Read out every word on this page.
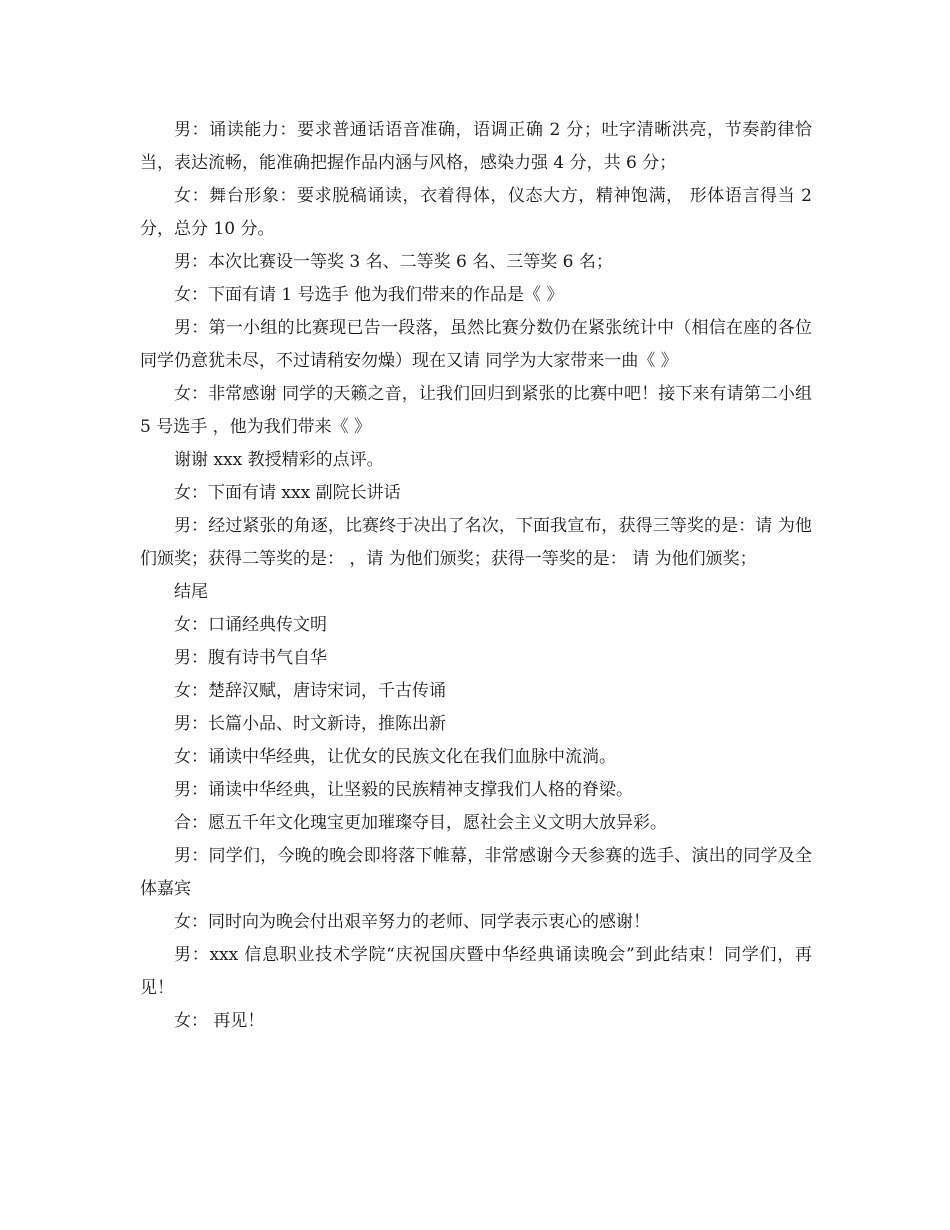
男：诵读能力：要求普通话语音准确，语调正确 2 分；吐字清晰洪亮，节奏韵律恰当，表达流畅，能准确把握作品内涵与风格，感染力强 4 分，共 6 分；

女：舞台形象：要求脱稿诵读，衣着得体，仪态大方，精神饱满， 形体语言得当 2 分，总分 10 分。

男：本次比赛设一等奖 3 名、二等奖 6 名、三等奖 6 名；

女：下面有请 1 号选手 他为我们带来的作品是《 》

男：第一小组的比赛现已告一段落，虽然比赛分数仍在紧张统计中（相信在座的各位同学仍意犹未尽，不过请稍安勿燥）现在又请 同学为大家带来一曲《 》

女：非常感谢 同学的天籁之音，让我们回归到紧张的比赛中吧！接下来有请第二小组 5 号选手 ，他为我们带来《 》

谢谢 xxx 教授精彩的点评。

女：下面有请 xxx 副院长讲话

男：经过紧张的角逐，比赛终于决出了名次，下面我宣布，获得三等奖的是：请 为他们颁奖；获得二等奖的是： ，请 为他们颁奖；获得一等奖的是： 请 为他们颁奖；

结尾

女：口诵经典传文明

男：腹有诗书气自华

女：楚辞汉赋，唐诗宋词，千古传诵

男：长篇小品、时文新诗，推陈出新

女：诵读中华经典，让优女的民族文化在我们血脉中流淌。

男：诵读中华经典，让坚毅的民族精神支撑我们人格的脊梁。

合：愿五千年文化瑰宝更加璀璨夺目，愿社会主义文明大放异彩。

男：同学们，今晚的晚会即将落下帷幕，非常感谢今天参赛的选手、演出的同学及全体嘉宾

女：同时向为晚会付出艰辛努力的老师、同学表示衷心的感谢！

男：xxx 信息职业技术学院“庆祝国庆暨中华经典诵读晚会”到此结束！同学们，再见！

女： 再见！
